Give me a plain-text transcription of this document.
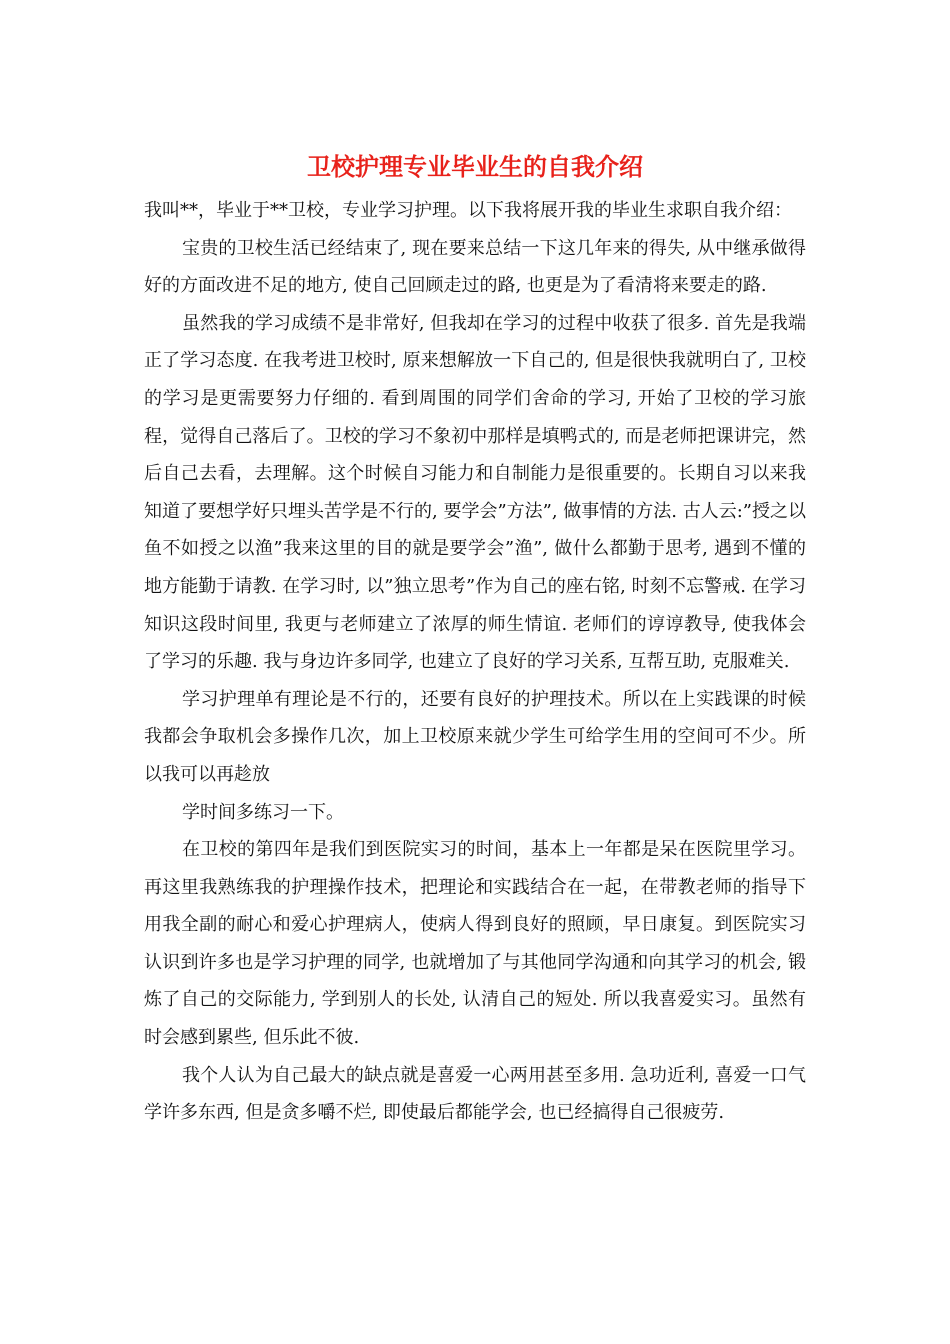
卫校护理专业毕业生的自我介绍

我叫**，毕业于**卫校，专业学习护理。以下我将展开我的毕业生求职自我介绍：

宝贵的卫校生活已经结束了, 现在要来总结一下这几年来的得失, 从中继承做得好的方面改进不足的地方, 使自己回顾走过的路, 也更是为了看清将来要走的路.

虽然我的学习成绩不是非常好, 但我却在学习的过程中收获了很多. 首先是我端正了学习态度. 在我考进卫校时, 原来想解放一下自己的, 但是很快我就明白了, 卫校的学习是更需要努力仔细的. 看到周围的同学们舍命的学习, 开始了卫校的学习旅程，觉得自己落后了。卫校的学习不象初中那样是填鸭式的, 而是老师把课讲完，然后自己去看，去理解。这个时候自习能力和自制能力是很重要的。长期自习以来我知道了要想学好只埋头苦学是不行的, 要学会”方法”, 做事情的方法. 古人云:”授之以鱼不如授之以渔”我来这里的目的就是要学会”渔”, 做什么都勤于思考, 遇到不懂的地方能勤于请教. 在学习时, 以”独立思考”作为自己的座右铭, 时刻不忘警戒. 在学习知识这段时间里, 我更与老师建立了浓厚的师生情谊. 老师们的谆谆教导, 使我体会了学习的乐趣. 我与身边许多同学, 也建立了良好的学习关系, 互帮互助, 克服难关.

学习护理单有理论是不行的，还要有良好的护理技术。所以在上实践课的时候我都会争取机会多操作几次，加上卫校原来就少学生可给学生用的空间可不少。所以我可以再趁放

学时间多练习一下。

在卫校的第四年是我们到医院实习的时间，基本上一年都是呆在医院里学习。再这里我熟练我的护理操作技术，把理论和实践结合在一起，在带教老师的指导下用我全副的耐心和爱心护理病人，使病人得到良好的照顾，早日康复。到医院实习认识到许多也是学习护理的同学, 也就增加了与其他同学沟通和向其学习的机会, 锻炼了自己的交际能力, 学到别人的长处, 认清自己的短处. 所以我喜爱实习。虽然有时会感到累些, 但乐此不彼.

我个人认为自己最大的缺点就是喜爱一心两用甚至多用. 急功近利, 喜爱一口气学许多东西, 但是贪多嚼不烂, 即使最后都能学会, 也已经搞得自己很疲劳.
